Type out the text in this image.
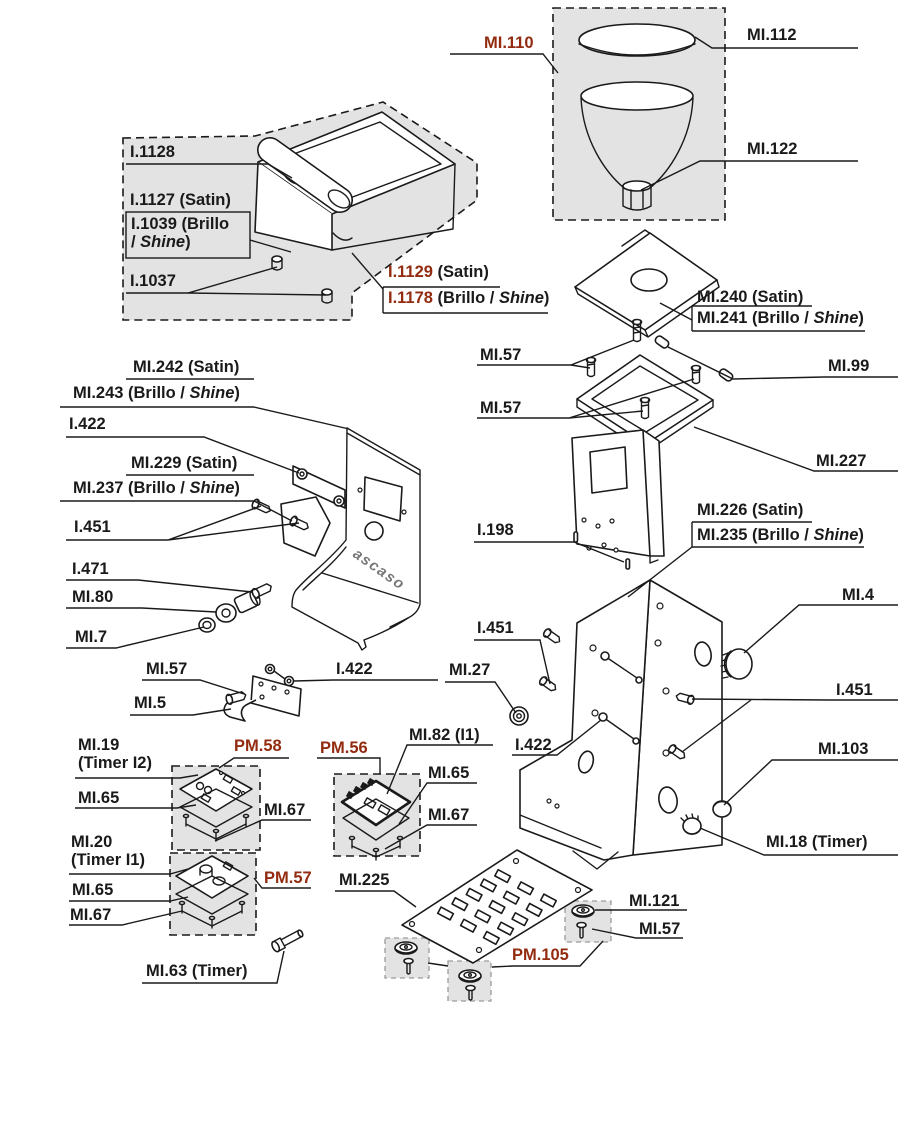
ascaso
MI.110	MI.112
MI.122
I.1128
I.1127 (Satin)
I.1039 (Brillo
/ Shine)
I.1037	I.1129 (Satin)
I.1178 (Brillo / Shine)	MI.240 (Satin)
MI.241 (Brillo / Shine)
MI.57
MI.99
MI.57
MI.227
MI.242 (Satin)
MI.243 (Brillo / Shine)
I.422
MI.229 (Satin)
MI.237 (Brillo / Shine)
I.451	I.198
MI.226 (Satin)
MI.235 (Brillo / Shine)
I.471
MI.80
MI.7
MI.4
I.451
MI.27
MI.57	I.422
I.451
MI.5
I.422	MI.103
MI.18 (Timer)
PM.58 PM.56
MI.82 (I1)
MI.65
MI.67
MI.19
(Timer I2)
MI.65
MI.67
MI.20
(Timer I1)
MI.65
MI.67
PM.57
MI.63 (Timer)
MI.225
MI.121
MI.57
PM.105
